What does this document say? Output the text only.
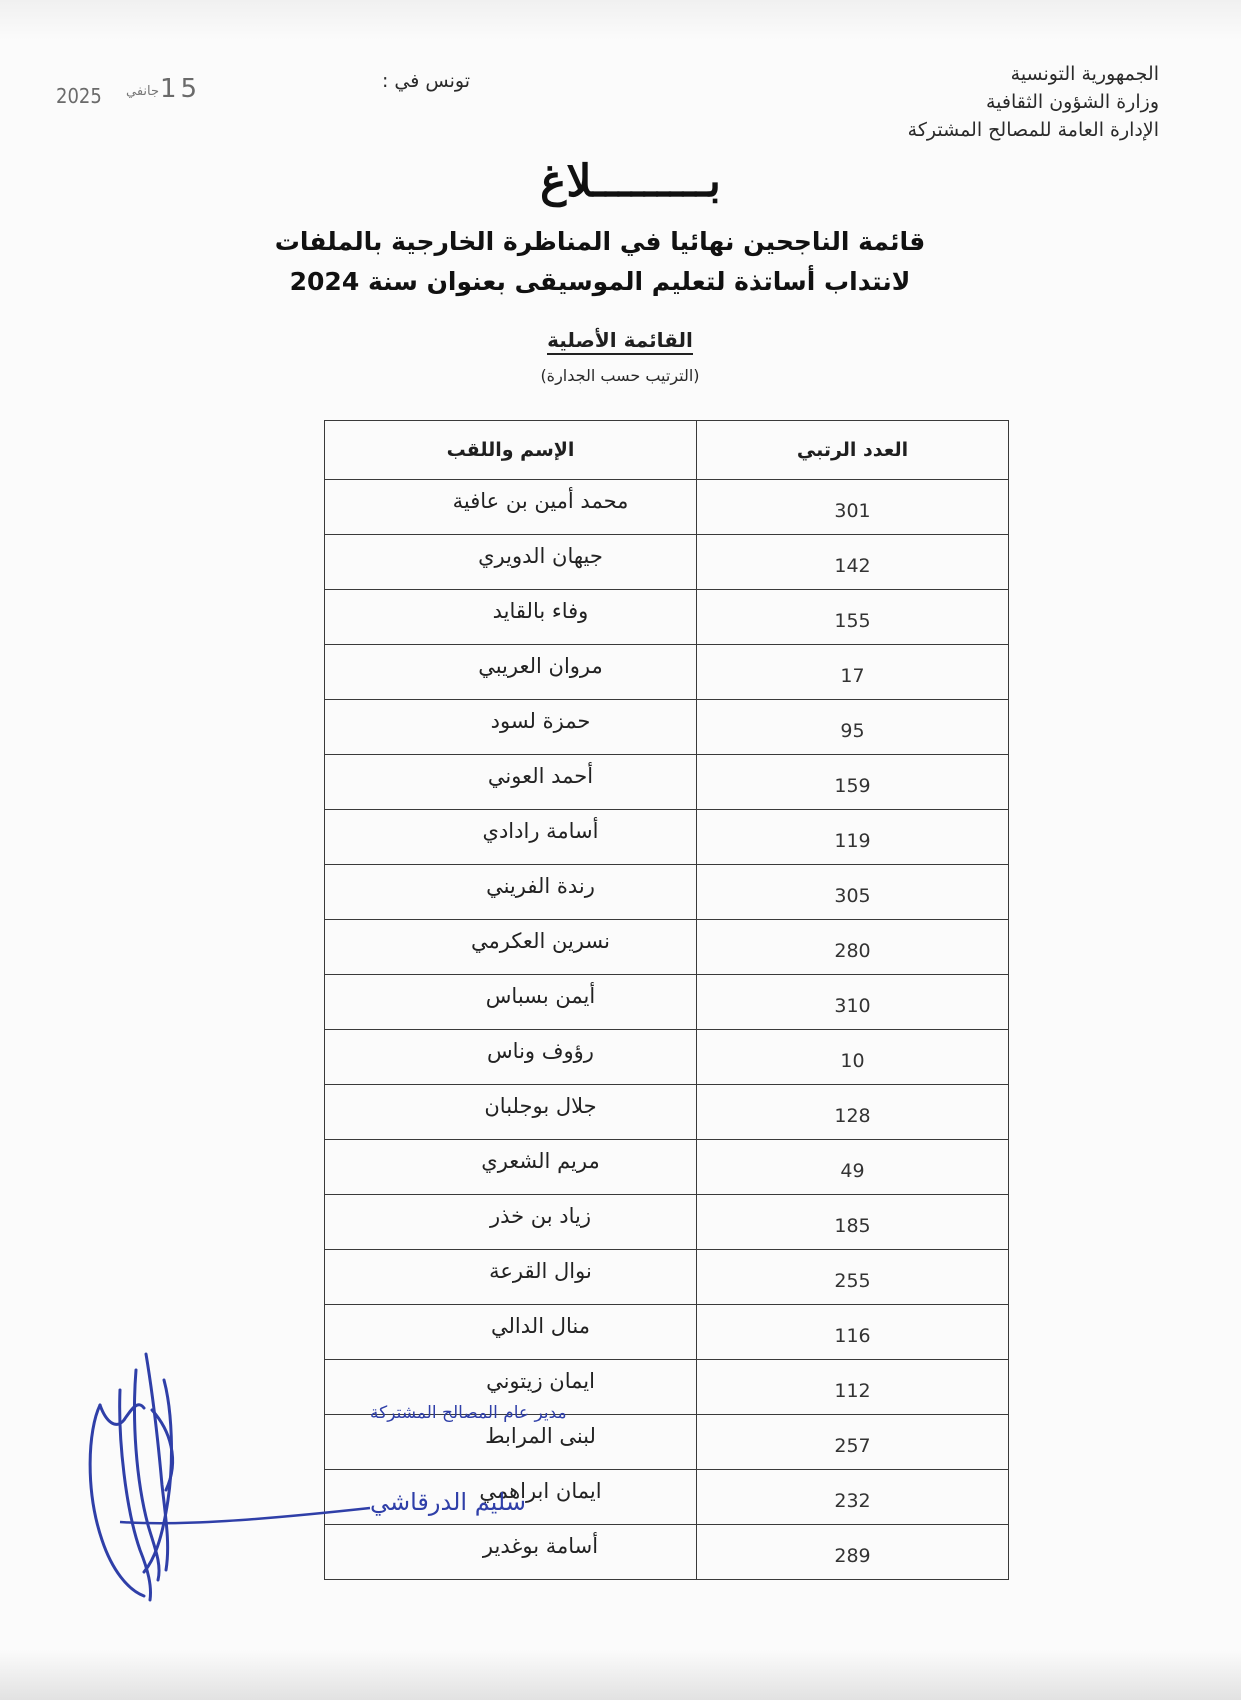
الجمهورية التونسية
وزارة الشؤون الثقافية
الإدارة العامة للمصالح المشتركة
تونس في :
15
جانفي
2025
بـــــــــلاغ
قائمة الناجحين نهائيا في المناظرة الخارجية بالملفات
لانتداب أساتذة لتعليم الموسيقى بعنوان سنة 2024
القائمة الأصلية
(الترتيب حسب الجدارة)
الإسم واللقب	العدد الرتبي
محمد أمين بن عافية	301
جيهان الدويري	142
وفاء بالقايد	155
مروان العريبي	17
حمزة لسود	95
أحمد العوني	159
أسامة رادادي	119
رندة الفريني	305
نسرين العكرمي	280
أيمن بسباس	310
رؤوف وناس	10
جلال بوجلبان	128
مريم الشعري	49
زياد بن خذر	185
نوال القرعة	255
منال الدالي	116
ايمان زيتوني	112
لبنى المرابط	257
ايمان ابراهمي	232
أسامة بوغدير	289
مدير عام المصالح المشتركة
سليم الدرقاشي
